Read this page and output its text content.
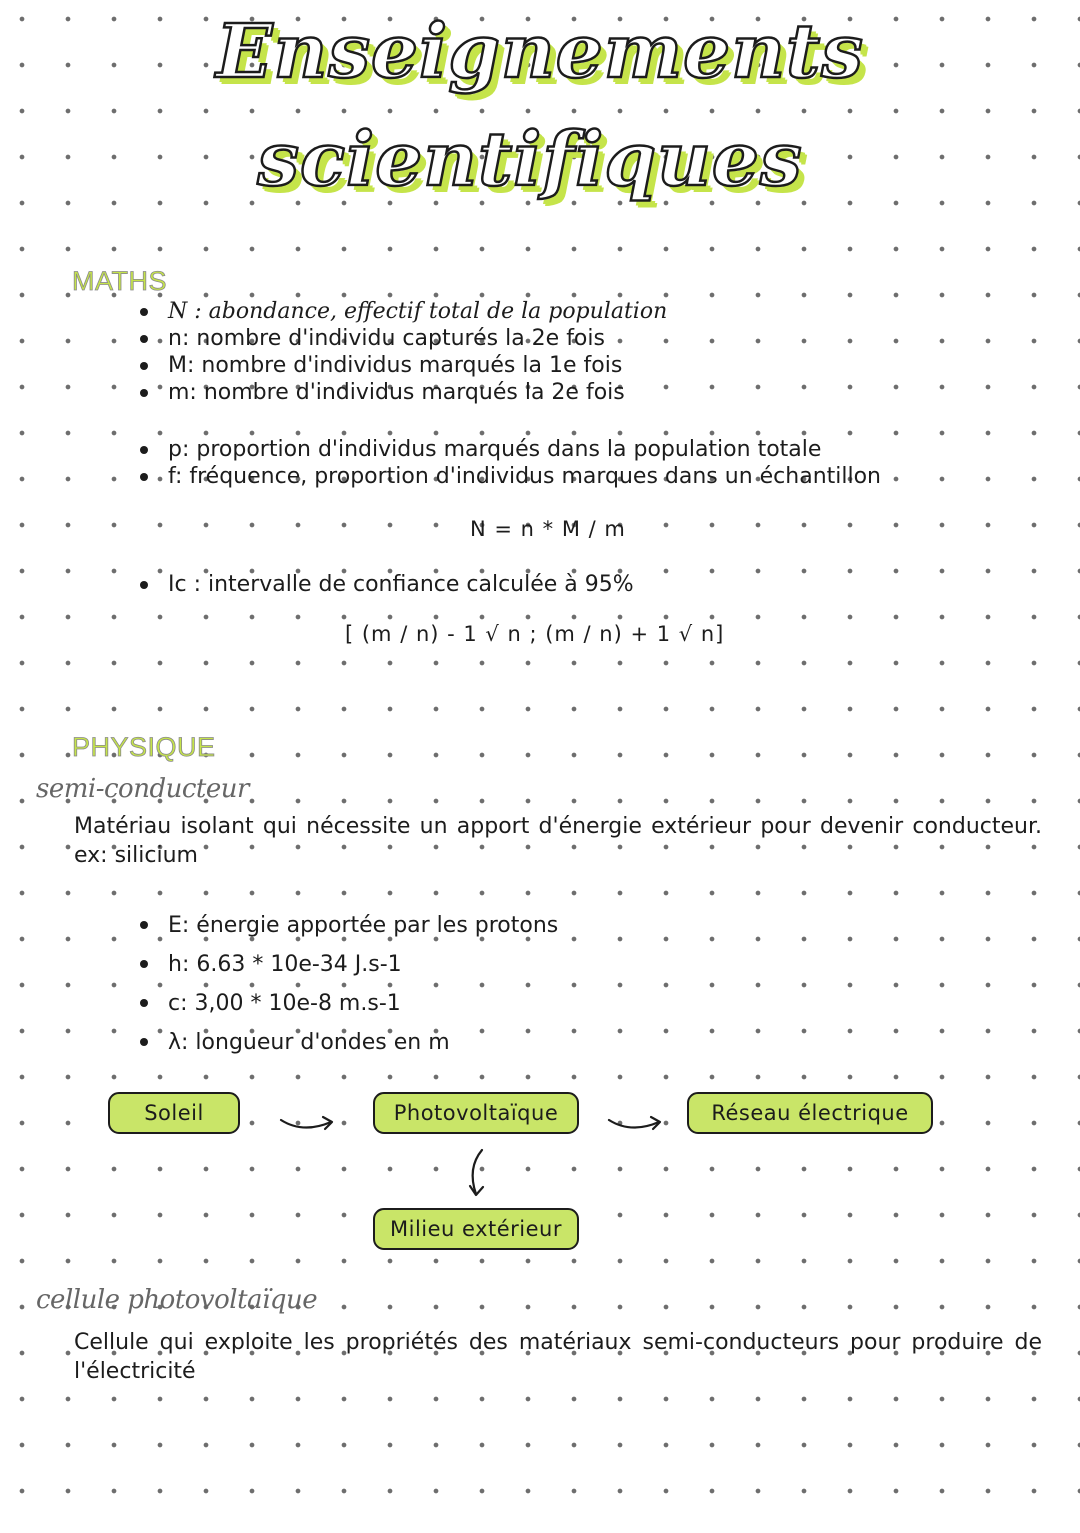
Enseignements
scientifiques
MATHS
N : abondance, effectif total de la population
n: nombre d'individu capturés la 2e fois
M: nombre d'individus marqués la 1e fois
m: nombre d'individus marqués la 2e fois
p: proportion d'individus marqués dans la population totale
f: fréquence, proportion d'individus marques dans un échantillon
N = n * M / m
Ic : intervalle de confiance calculée à 95%
[ (m / n) - 1 √ n ; (m / n) + 1 √ n]
PHYSIQUE
semi-conducteur
Matériau isolant qui nécessite un apport d'énergie extérieur pour devenir conducteur. ex: silicium
E: énergie apportée par les protons
h: 6.63 * 10e-34 J.s-1
c: 3,00 * 10e-8 m.s-1
λ: longueur d'ondes en m
Soleil	Photovoltaïque	Réseau électrique
Milieu extérieur
cellule photovoltaïque
Cellule qui exploite les propriétés des matériaux semi-conducteurs pour produire de l'électricité
